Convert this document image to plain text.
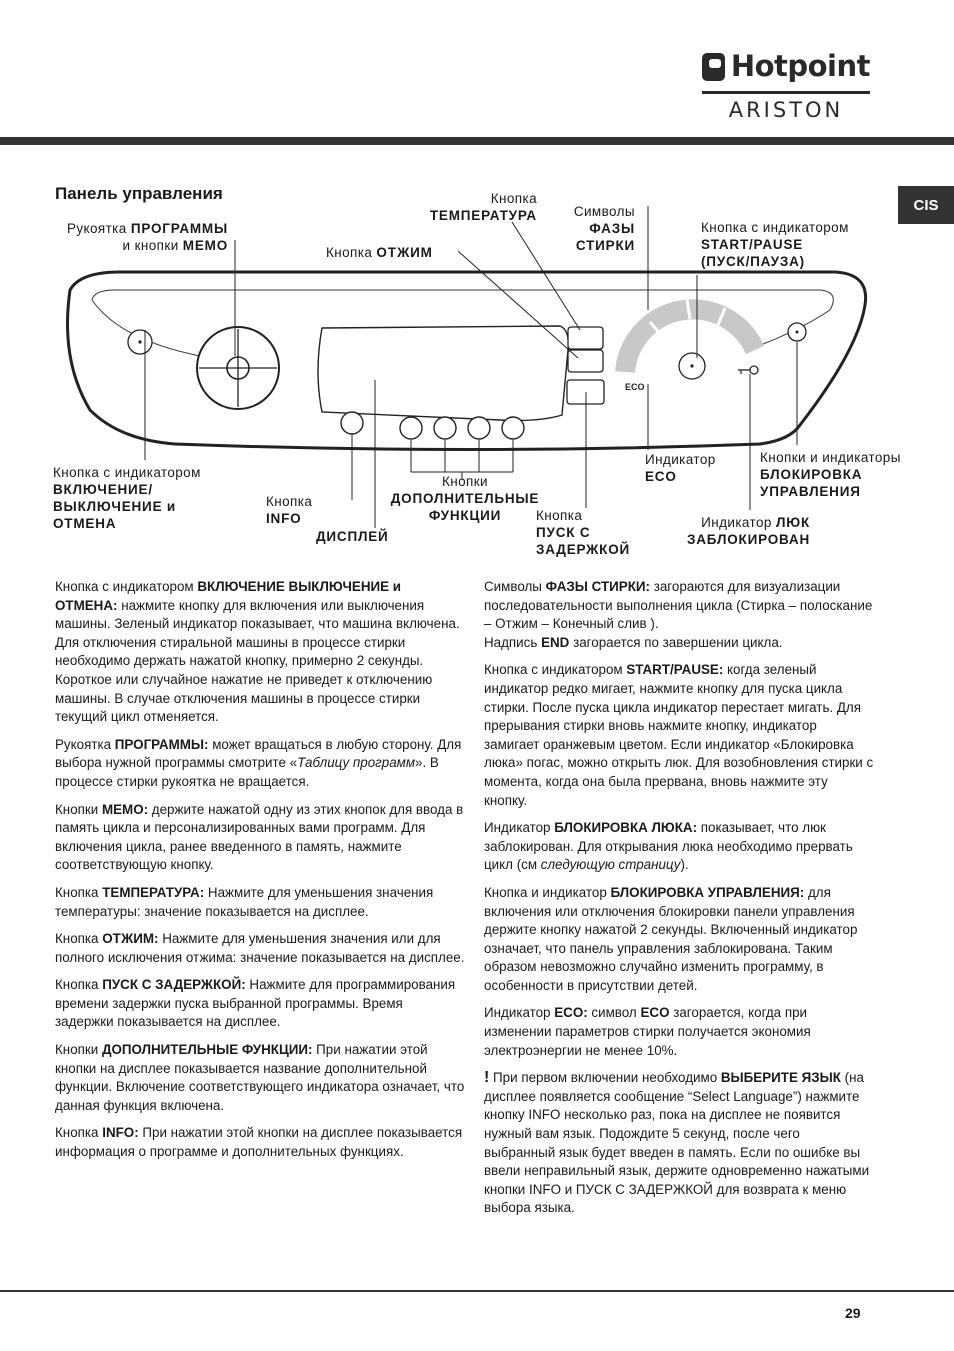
Hotpoint
ARISTON
CIS
Панель управления
ECO
Рукоятка ПРОГРАММЫ
и кнопки MEMO
Кнопка
ТЕМПЕРАТУРА
Кнопка ОТЖИМ
Символы
ФАЗЫ
СТИРКИ
Кнопка с индикатором
START/PAUSE
(ПУСК/ПАУЗА)
Кнопка с индикатором
ВКЛЮЧЕНИЕ/
ВЫКЛЮЧЕНИЕ и
ОТМЕНА
Кнопка
INFO
ДИСПЛЕЙ
Кнопки
ДОПОЛНИТЕЛЬНЫЕ
ФУНКЦИИ	Кнопка
ПУСК С
ЗАДЕРЖКОЙ
Индикатор
ECO
Кнопки и индикаторы
БЛОКИРОВКА
УПРАВЛЕНИЯ
Индикатор ЛЮК
ЗАБЛОКИРОВАН

Кнопка с индикатором ВКЛЮЧЕНИЕ ВЫКЛЮЧЕНИЕ и ОТМЕНА: нажмите кнопку для включения или выключения машины. Зеленый индикатор показывает, что машина включена. Для отключения стиральной машины в процессе стирки необходимо держать нажатой кнопку, примерно 2 секунды. Короткое или случайное нажатие не приведет к отключению машины. В случае отключения машины в процессе стирки текущий цикл отменяется.

Рукоятка ПРОГРАММЫ: может вращаться в любую сторону. Для выбора нужной программы смотрите «Таблицу программ». В процессе стирки рукоятка не вращается.

Кнопки MEMO: держите нажатой одну из этих кнопок для ввода в память цикла и персонализированных вами программ. Для включения цикла, ранее введенного в память, нажмите соответствующую кнопку.

Кнопка ТЕМПЕРАТУРА: Нажмите для уменьшения значения температуры: значение показывается на дисплее.

Кнопка ОТЖИМ: Нажмите для уменьшения значения или для полного исключения отжима: значение показывается на дисплее.

Кнопка ПУСК С ЗАДЕРЖКОЙ: Нажмите для программирования времени задержки пуска выбранной программы. Время задержки показывается на дисплее.

Кнопки ДОПОЛНИТЕЛЬНЫЕ ФУНКЦИИ: При нажатии этой кнопки на дисплее показывается название дополнительной функции. Включение соответствующего индикатора означает, что данная функция включена.

Кнопка INFO: При нажатии этой кнопки на дисплее показывается информация о программе и дополнительных функциях.

Символы ФАЗЫ СТИРКИ: загораются для визуализации последовательности выполнения цикла (Стирка – полоскание – Отжим – Конечный слив ).
Надпись END загорается по завершении цикла.

Кнопка с индикатором START/PAUSE: когда зеленый индикатор редко мигает, нажмите кнопку для пуска цикла стирки. После пуска цикла индикатор перестает мигать. Для прерывания стирки вновь нажмите кнопку, индикатор замигает оранжевым цветом. Если индикатор «Блокировка люка» погас, можно открыть люк. Для возобновления стирки с момента, когда она была прервана, вновь нажмите эту кнопку.

Индикатор БЛОКИРОВКА ЛЮКА: показывает, что люк заблокирован. Для открывания люка необходимо прервать цикл (см следующую страницу).

Кнопка и индикатор БЛОКИРОВКА УПРАВЛЕНИЯ: для включения или отключения блокировки панели управления держите кнопку нажатой 2 секунды. Включенный индикатор означает, что панель управления заблокирована. Таким образом невозможно случайно изменить программу, в особенности в присутствии детей.

Индикатор ECO: символ ECO загорается, когда при изменении параметров стирки получается экономия электроэнергии не менее 10%.

! При первом включении необходимо ВЫБЕРИТЕ ЯЗЫК (на дисплее появляется сообщение “Select Language”) нажмите кнопку INFO несколько раз, пока на дисплее не появится нужный вам язык. Подождите 5 секунд, после чего выбранный язык будет введен в память. Если по ошибке вы ввели неправильный язык, держите одновременно нажатыми кнопки INFO и ПУСК С ЗАДЕРЖКОЙ для возврата к меню выбора языка.

29
